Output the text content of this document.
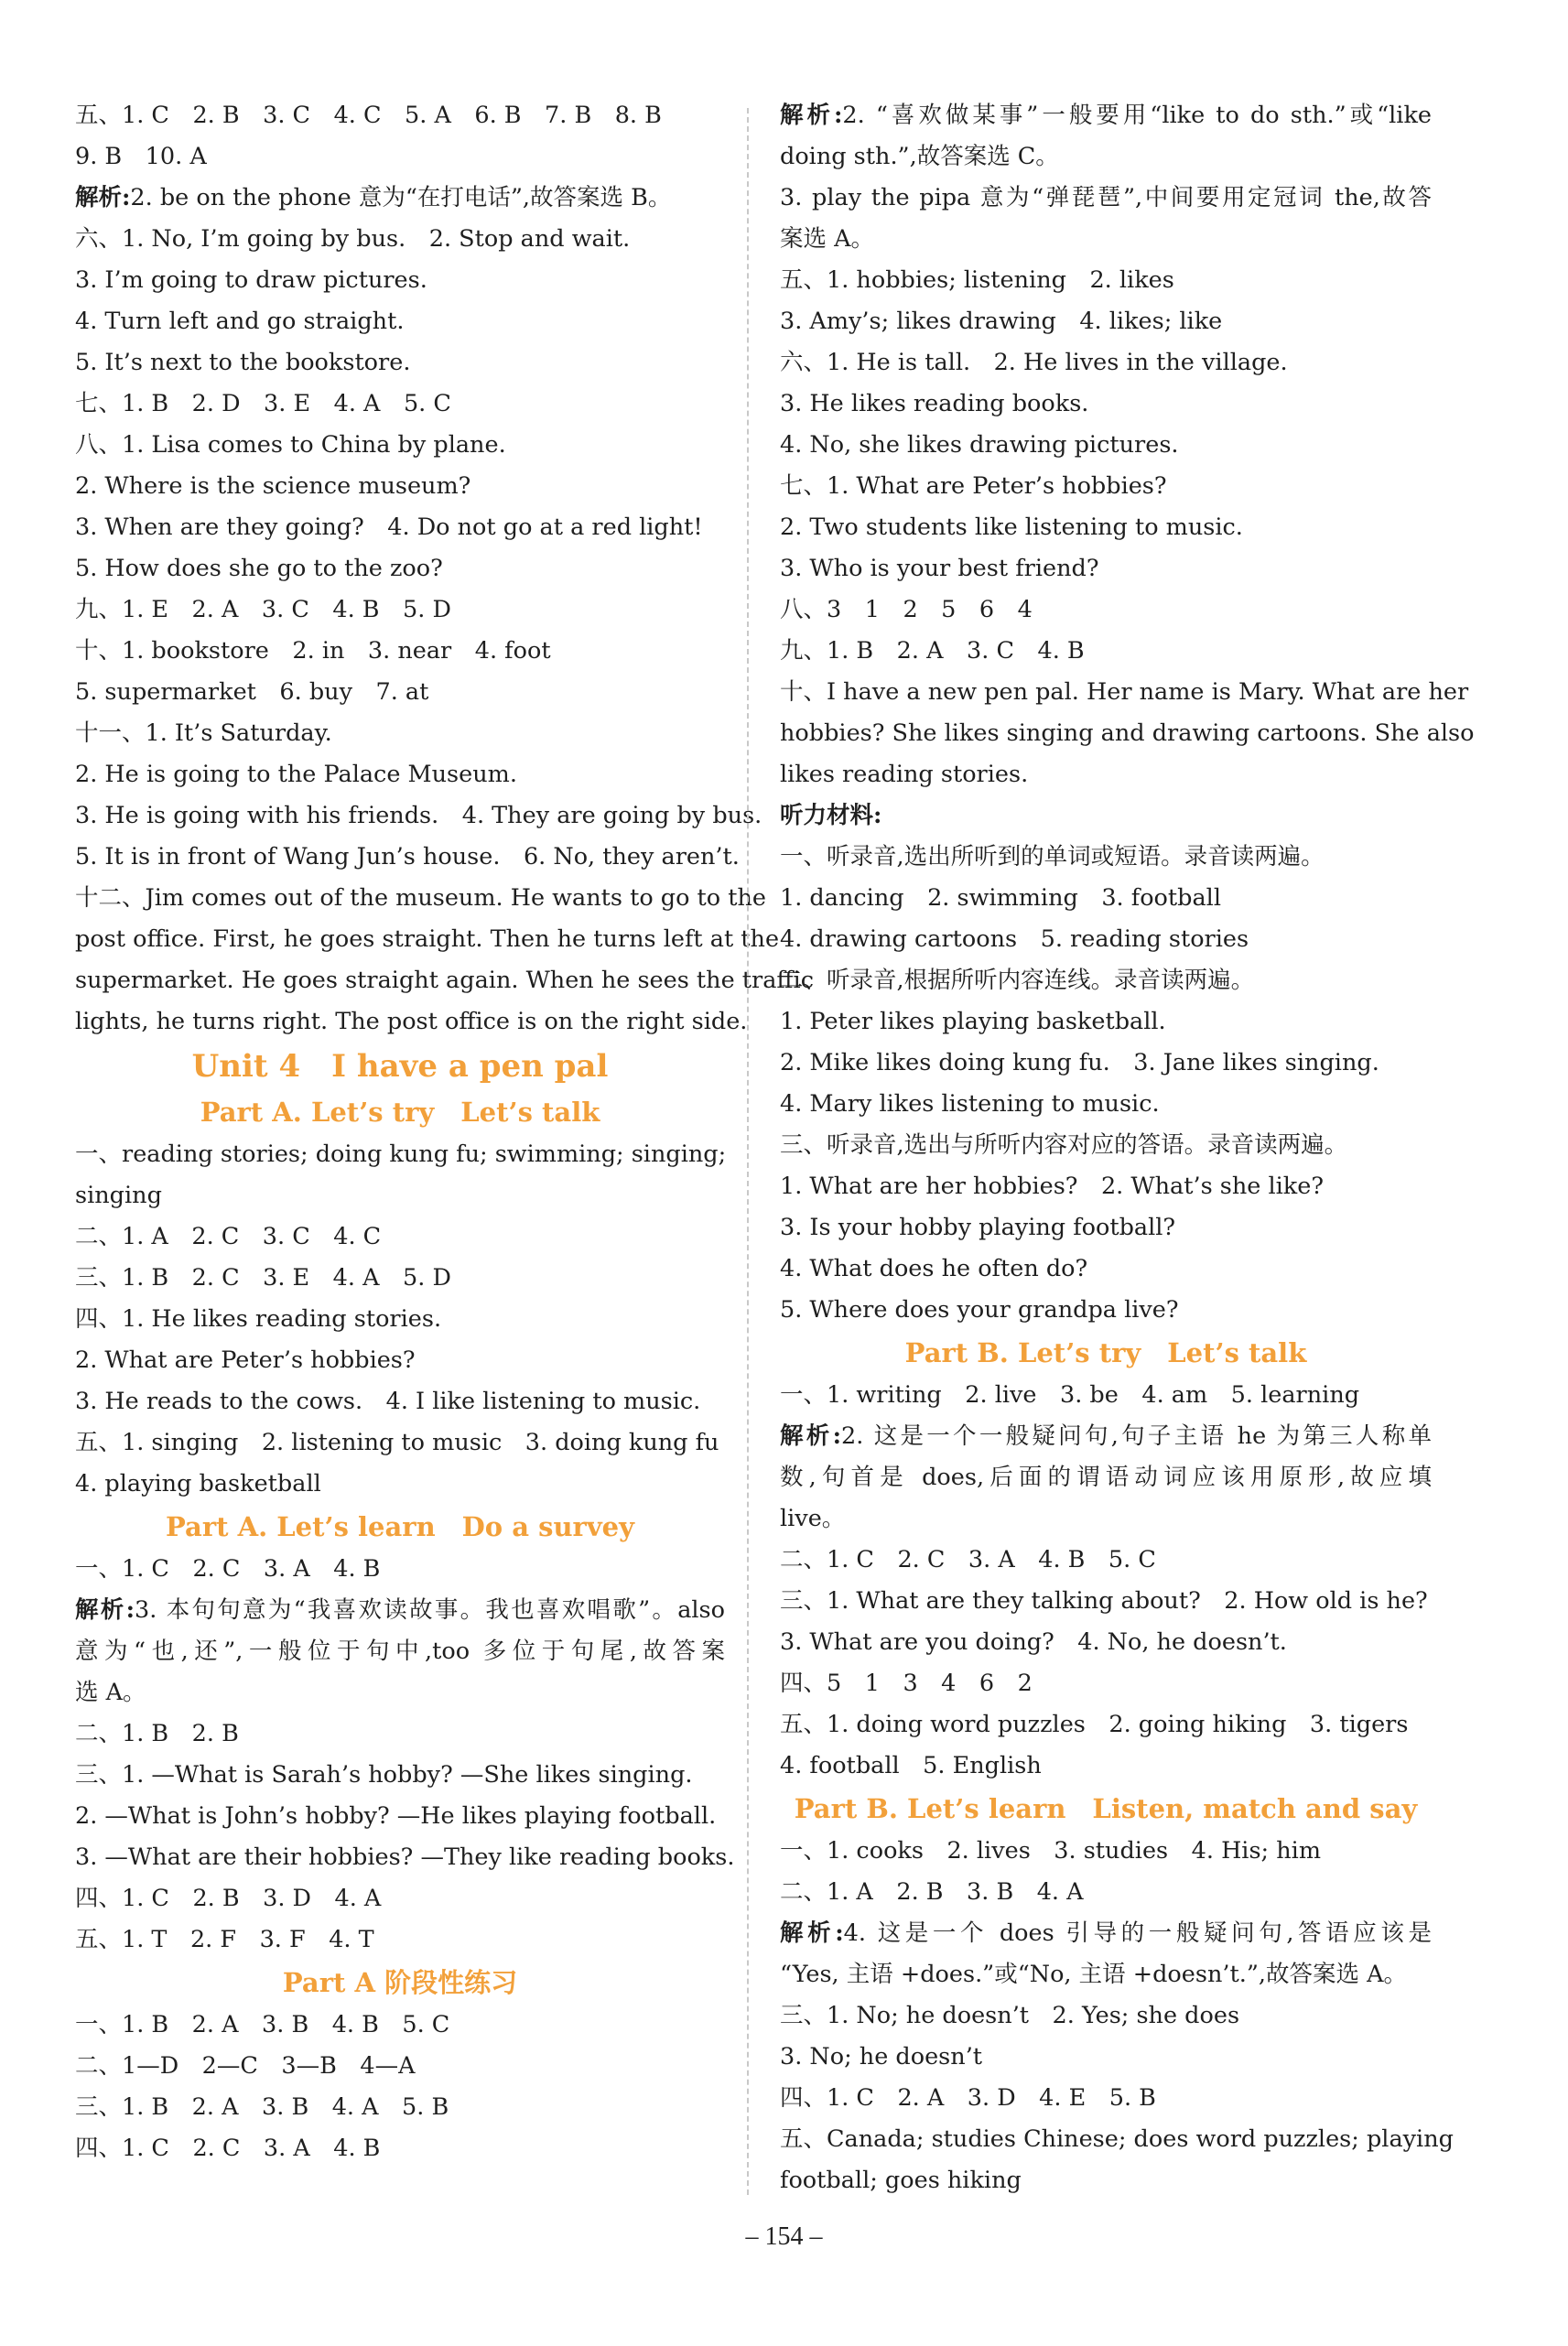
五、1. C　2. B　3. C　4. C　5. A　6. B　7. B　8. B
9. B　10. A
解析:2. be on the phone 意为“在打电话”,故答案选 B。
六、1. No, I’m going by bus.　2. Stop and wait.
3. I’m going to draw pictures.
4. Turn left and go straight.
5. It’s next to the bookstore.
七、1. B　2. D　3. E　4. A　5. C
八、1. Lisa comes to China by plane.
2. Where is the science museum?
3. When are they going?　4. Do not go at a red light!
5. How does she go to the zoo?
九、1. E　2. A　3. C　4. B　5. D
十、1. bookstore　2. in　3. near　4. foot
5. supermarket　6. buy　7. at
十一、1. It’s Saturday.
2. He is going to the Palace Museum.
3. He is going with his friends.　4. They are going by bus.
5. It is in front of Wang Jun’s house.　6. No, they aren’t.
十二、Jim comes out of the museum. He wants to go to the
post office. First, he goes straight. Then he turns left at the
supermarket. He goes straight again. When he sees the traffic
lights, he turns right. The post office is on the right side.
Unit 4　I have a pen pal
Part A. Let’s try　Let’s talk
一、reading stories; doing kung fu; swimming; singing;
singing
二、1. A　2. C　3. C　4. C
三、1. B　2. C　3. E　4. A　5. D
四、1. He likes reading stories.
2. What are Peter’s hobbies?
3. He reads to the cows.　4. I like listening to music.
五、1. singing　2. listening to music　3. doing kung fu
4. playing basketball
Part A. Let’s learn　Do a survey
一、1. C　2. C　3. A　4. B
解析:3. 本句句意为“我喜欢读故事。我也喜欢唱歌”。also
意为“也,还”,一般位于句中,too 多位于句尾,故答案
选 A。
二、1. B　2. B
三、1. —What is Sarah’s hobby? —She likes singing.
2. —What is John’s hobby? —He likes playing football.
3. —What are their hobbies? —They like reading books.
四、1. C　2. B　3. D　4. A
五、1. T　2. F　3. F　4. T
Part A 阶段性练习
一、1. B　2. A　3. B　4. B　5. C
二、1—D　2—C　3—B　4—A
三、1. B　2. A　3. B　4. A　5. B
四、1. C　2. C　3. A　4. B
解析:2. “喜欢做某事”一般要用“like to do sth.”或“like
doing sth.”,故答案选 C。
3. play the pipa 意为“弹琵琶”,中间要用定冠词 the,故答
案选 A。
五、1. hobbies; listening　2. likes
3. Amy’s; likes drawing　4. likes; like
六、1. He is tall.　2. He lives in the village.
3. He likes reading books.
4. No, she likes drawing pictures.
七、1. What are Peter’s hobbies?
2. Two students like listening to music.
3. Who is your best friend?
八、3　1　2　5　6　4
九、1. B　2. A　3. C　4. B
十、I have a new pen pal. Her name is Mary. What are her
hobbies? She likes singing and drawing cartoons. She also
likes reading stories.
听力材料:
一、听录音,选出所听到的单词或短语。录音读两遍。
1. dancing　2. swimming　3. football
4. drawing cartoons　5. reading stories
二、听录音,根据所听内容连线。录音读两遍。
1. Peter likes playing basketball.
2. Mike likes doing kung fu.　3. Jane likes singing.
4. Mary likes listening to music.
三、听录音,选出与所听内容对应的答语。录音读两遍。
1. What are her hobbies?　2. What’s she like?
3. Is your hobby playing football?
4. What does he often do?
5. Where does your grandpa live?
Part B. Let’s try　Let’s talk
一、1. writing　2. live　3. be　4. am　5. learning
解析:2. 这是一个一般疑问句,句子主语 he 为第三人称单
数,句首是 does,后面的谓语动词应该用原形,故应填
live。
二、1. C　2. C　3. A　4. B　5. C
三、1. What are they talking about?　2. How old is he?
3. What are you doing?　4. No, he doesn’t.
四、5　1　3　4　6　2
五、1. doing word puzzles　2. going hiking　3. tigers
4. football　5. English
Part B. Let’s learn　Listen, match and say
一、1. cooks　2. lives　3. studies　4. His; him
二、1. A　2. B　3. B　4. A
解析:4. 这是一个 does 引导的一般疑问句,答语应该是
“Yes, 主语 +does.”或“No, 主语 +doesn’t.”,故答案选 A。
三、1. No; he doesn’t　2. Yes; she does
3. No; he doesn’t
四、1. C　2. A　3. D　4. E　5. B
五、Canada; studies Chinese; does word puzzles; playing
football; goes hiking
– 154 –
